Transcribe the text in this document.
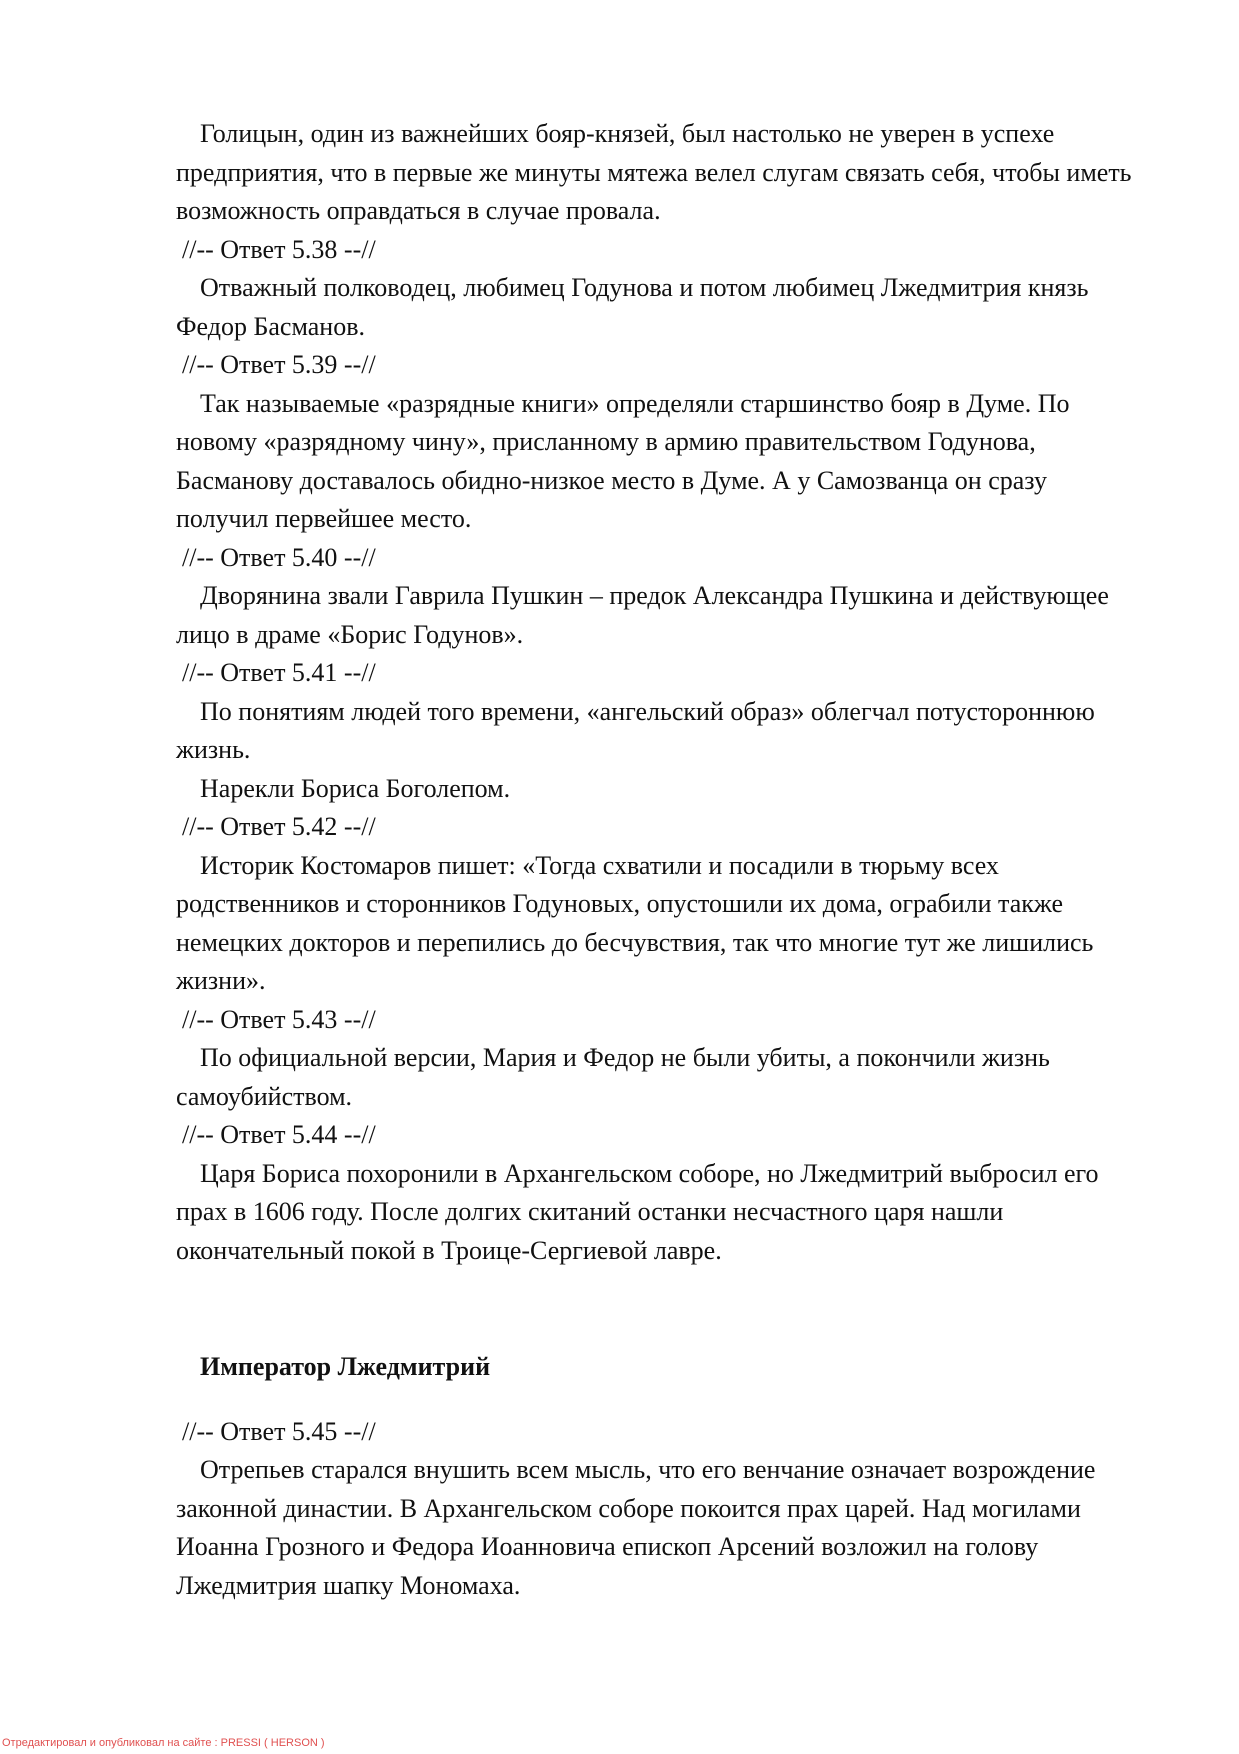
Голицын, один из важнейших бояр-князей, был настолько не уверен в успехе предприятия, что в первые же минуты мятежа велел слугам связать себя, чтобы иметь возможность оправдаться в случае провала.

//-- Ответ 5.38 --//

Отважный полководец, любимец Годунова и потом любимец Лжедмитрия князь Федор Басманов.

//-- Ответ 5.39 --//

Так называемые «разрядные книги» определяли старшинство бояр в Думе. По новому «разрядному чину», присланному в армию правительством Годунова, Басманову доставалось обидно-низкое место в Думе. А у Самозванца он сразу получил первейшее место.

//-- Ответ 5.40 --//

Дворянина звали Гаврила Пушкин – предок Александра Пушкина и действующее лицо в драме «Борис Годунов».

//-- Ответ 5.41 --//

По понятиям людей того времени, «ангельский образ» облегчал потустороннюю жизнь.

Нарекли Бориса Боголепом.

//-- Ответ 5.42 --//

Историк Костомаров пишет: «Тогда схватили и посадили в тюрьму всех родственников и сторонников Годуновых, опустошили их дома, ограбили также немецких докторов и перепились до бесчувствия, так что многие тут же лишились жизни».

//-- Ответ 5.43 --//

По официальной версии, Мария и Федор не были убиты, а покончили жизнь самоубийством.

//-- Ответ 5.44 --//

Царя Бориса похоронили в Архангельском соборе, но Лжедмитрий выбросил его прах в 1606 году. После долгих скитаний останки несчастного царя нашли окончательный покой в Троице-Сергиевой лавре.

Император Лжедмитрий

//-- Ответ 5.45 --//

Отрепьев старался внушить всем мысль, что его венчание означает возрождение законной династии. В Архангельском соборе покоится прах царей. Над могилами Иоанна Грозного и Федора Иоанновича епископ Арсений возложил на голову Лжедмитрия шапку Мономаха.

Отредактировал и опубликовал на сайте : PRESSI ( HERSON )
